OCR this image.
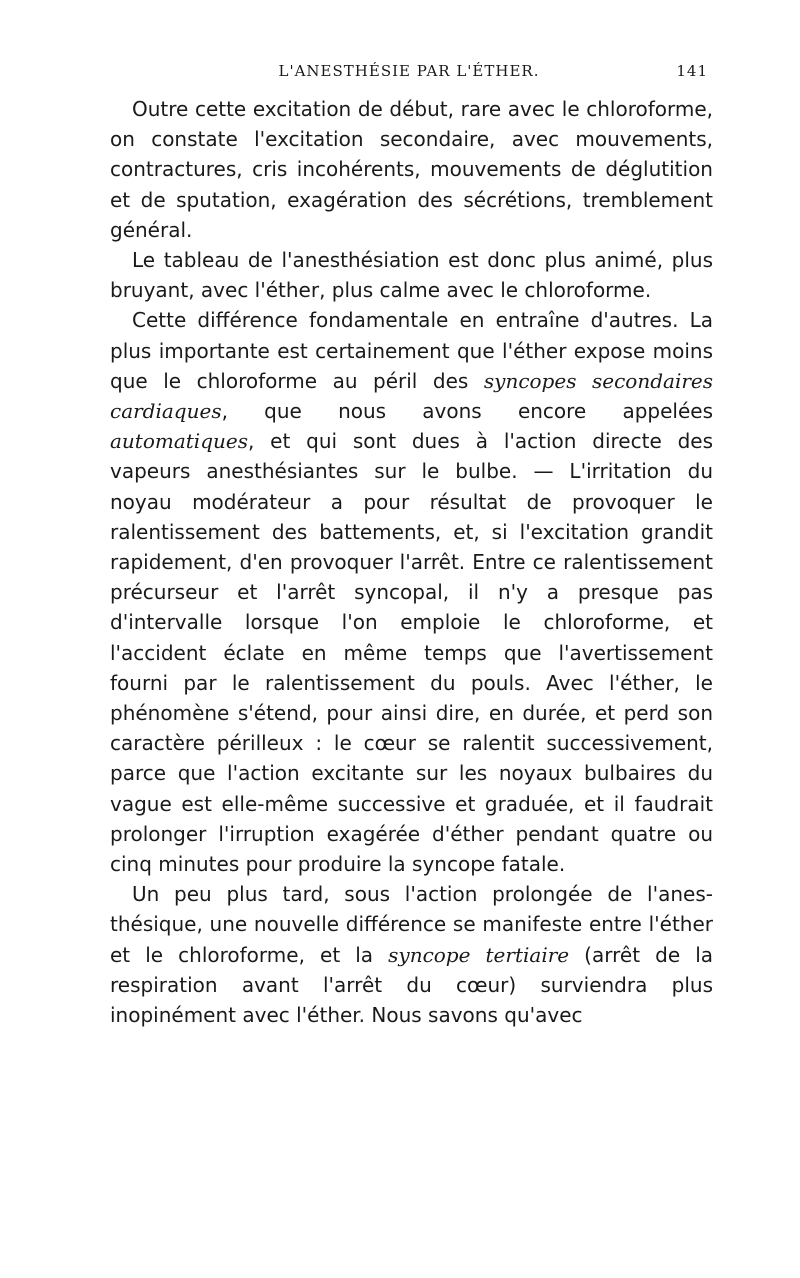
L'ANESTHÉSIE PAR L'ÉTHER.	141

Outre cette excitation de début, rare avec le chloroforme, on constate l'excitation secondaire, avec mouvements, contractures, cris incohérents, mouvements de déglutition et de sputation, exagération des sécrétions, tremblement général.

Le tableau de l'anesthésiation est donc plus animé, plus bruyant, avec l'éther, plus calme avec le chloroforme.

Cette différence fondamentale en entraîne d'autres. La plus importante est certainement que l'éther expose moins que le chloroforme au péril des syncopes secondaires cardiaques, que nous avons encore appelées automatiques, et qui sont dues à l'action directe des vapeurs anesthésiantes sur le bulbe. — L'irritation du noyau modérateur a pour résultat de provoquer le ralentissement des battements, et, si l'excitation grandit rapidement, d'en provoquer l'arrêt. Entre ce ralentissement précurseur et l'arrêt syncopal, il n'y a presque pas d'intervalle lorsque l'on emploie le chloroforme, et l'accident éclate en même temps que l'avertissement fourni par le ralentissement du pouls. Avec l'éther, le phénomène s'étend, pour ainsi dire, en durée, et perd son caractère périlleux : le cœur se ralentit successivement, parce que l'action excitante sur les noyaux bulbaires du vague est elle-même successive et graduée, et il faudrait prolonger l'irruption exagérée d'éther pendant quatre ou cinq minutes pour produire la syncope fatale.

Un peu plus tard, sous l'action prolongée de l'anesthésique, une nouvelle différence se manifeste entre l'éther et le chloroforme, et la syncope tertiaire (arrêt de la respiration avant l'arrêt du cœur) surviendra plus inopinément avec l'éther. Nous savons qu'avec
